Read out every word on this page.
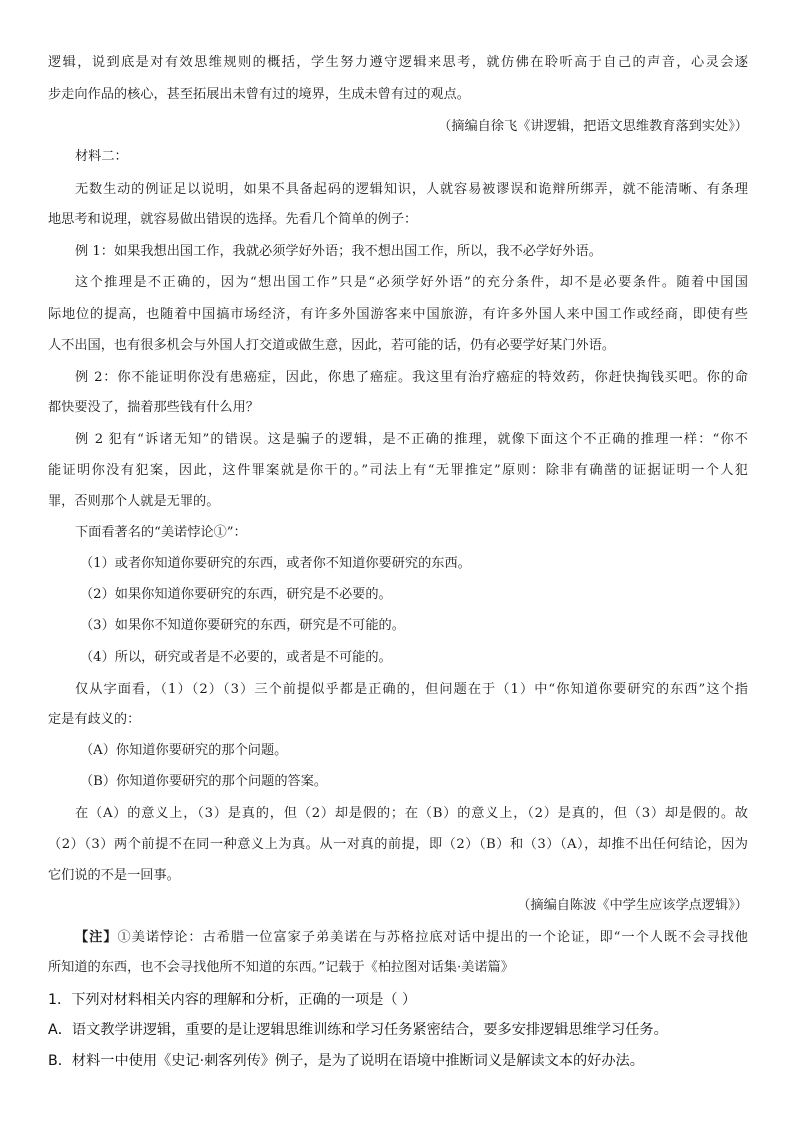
逻辑，说到底是对有效思维规则的概括，学生努力遵守逻辑来思考，就仿佛在聆听高于自己的声音，心灵会逐
步走向作品的核心，甚至拓展出未曾有过的境界，生成未曾有过的观点。
（摘编自徐飞《讲逻辑，把语文思维教育落到实处》）
材料二：
无数生动的例证足以说明，如果不具备起码的逻辑知识，人就容易被谬误和诡辩所绑弄，就不能清晰、有条理
地思考和说理，就容易做出错误的选择。先看几个简单的例子：
例 1：如果我想出国工作，我就必须学好外语；我不想出国工作，所以，我不必学好外语。
这个推理是不正确的，因为“想出国工作”只是“必须学好外语”的充分条件，却不是必要条件。随着中国国
际地位的提高，也随着中国搞市场经济，有许多外国游客来中国旅游，有许多外国人来中国工作或经商，即使有些
人不出国，也有很多机会与外国人打交道或做生意，因此，若可能的话，仍有必要学好某门外语。
例 2：你不能证明你没有患癌症，因此，你患了癌症。我这里有治疗癌症的特效药，你赶快掏钱买吧。你的命
都快要没了，揣着那些钱有什么用？
例 2 犯有“诉诸无知”的错误。这是骗子的逻辑，是不正确的推理，就像下面这个不正确的推理一样：“你不
能证明你没有犯案，因此，这件罪案就是你干的。”司法上有“无罪推定”原则：除非有确凿的证据证明一个人犯
罪，否则那个人就是无罪的。
下面看著名的“美诺悖论①”：
（1）或者你知道你要研究的东西，或者你不知道你要研究的东西。
（2）如果你知道你要研究的东西，研究是不必要的。
（3）如果你不知道你要研究的东西，研究是不可能的。
（4）所以，研究或者是不必要的，或者是不可能的。
仅从字面看，（1）（2）（3）三个前提似乎都是正确的，但问题在于（1）中“你知道你要研究的东西”这个指
定是有歧义的：
（A）你知道你要研究的那个问题。
（B）你知道你要研究的那个问题的答案。
在（A）的意义上，（3）是真的，但（2）却是假的；在（B）的意义上，（2）是真的，但（3）却是假的。故
（2）（3）两个前提不在同一种意义上为真。从一对真的前提，即（2）（B）和（3）（A），却推不出任何结论，因为
它们说的不是一回事。
（摘编自陈波《中学生应该学点逻辑》）
【注】①美诺悖论：古希腊一位富家子弟美诺在与苏格拉底对话中提出的一个论证，即“一个人既不会寻找他
所知道的东西，也不会寻找他所不知道的东西。”记载于《柏拉图对话集·美诺篇》
1．下列对材料相关内容的理解和分析，正确的一项是（ ）
A．语文教学讲逻辑，重要的是让逻辑思维训练和学习任务紧密结合，要多安排逻辑思维学习任务。
B．材料一中使用《史记·刺客列传》例子，是为了说明在语境中推断词义是解读文本的好办法。
